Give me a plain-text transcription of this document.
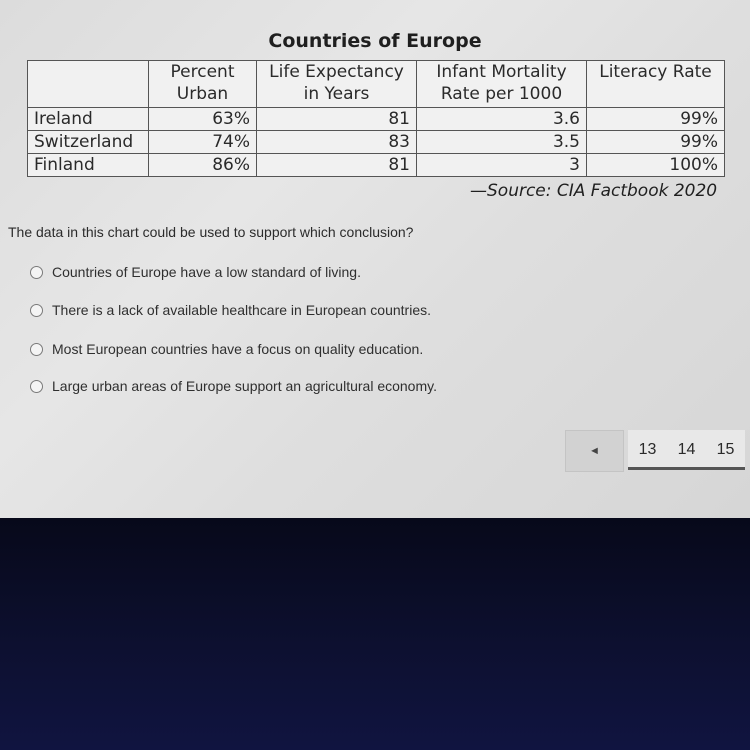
Countries of Europe
	Percent Urban	Life Expectancy in Years	Infant Mortality Rate per 1000	Literacy Rate
Ireland	63%	81	3.6	99%
Switzerland	74%	83	3.5	99%
Finland	86%	81	3	100%
—Source: CIA Factbook 2020
The data in this chart could be used to support which conclusion?
Countries of Europe have a low standard of living.
There is a lack of available healthcare in European countries.
Most European countries have a focus on quality education.
Large urban areas of Europe support an agricultural economy.
◄	13	14	15
